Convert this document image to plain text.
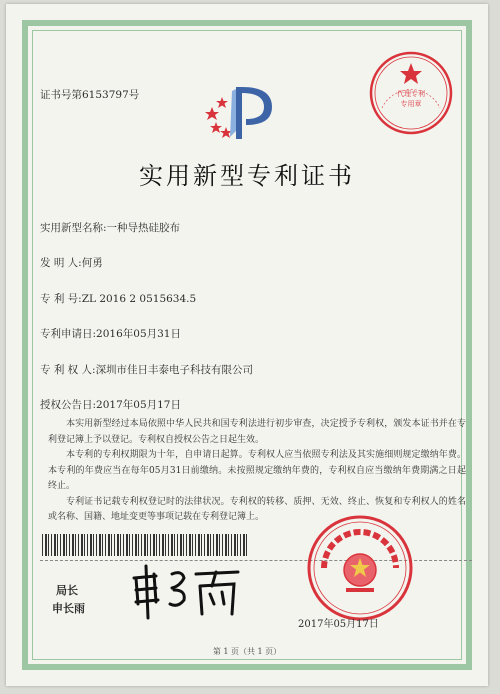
证书号第6153797号	代理专利
专用章
实用新型专利证书
实用新型名称:一种导热硅胶布
发 明 人:何勇
专 利 号:ZL 2016 2 0515634.5
专利申请日:2016年05月31日
专 利 权 人:深圳市佳日丰泰电子科技有限公司
授权公告日:2017年05月17日

本实用新型经过本局依照中华人民共和国专利法进行初步审查，决定授予专利权，颁发本证书并在专利登记簿上予以登记。专利权自授权公告之日起生效。

本专利的专利权期限为十年，自申请日起算。专利权人应当依照专利法及其实施细则规定缴纳年费。本专利的年费应当在每年05月31日前缴纳。未按照规定缴纳年费的，专利权自应当缴纳年费期满之日起终止。

专利证书记载专利权登记时的法律状况。专利权的转移、质押、无效、终止、恢复和专利权人的姓名或名称、国籍、地址变更等事项记载在专利登记簿上。

局长
申长雨
2017年05月17日
第 1 页（共 1 页）
